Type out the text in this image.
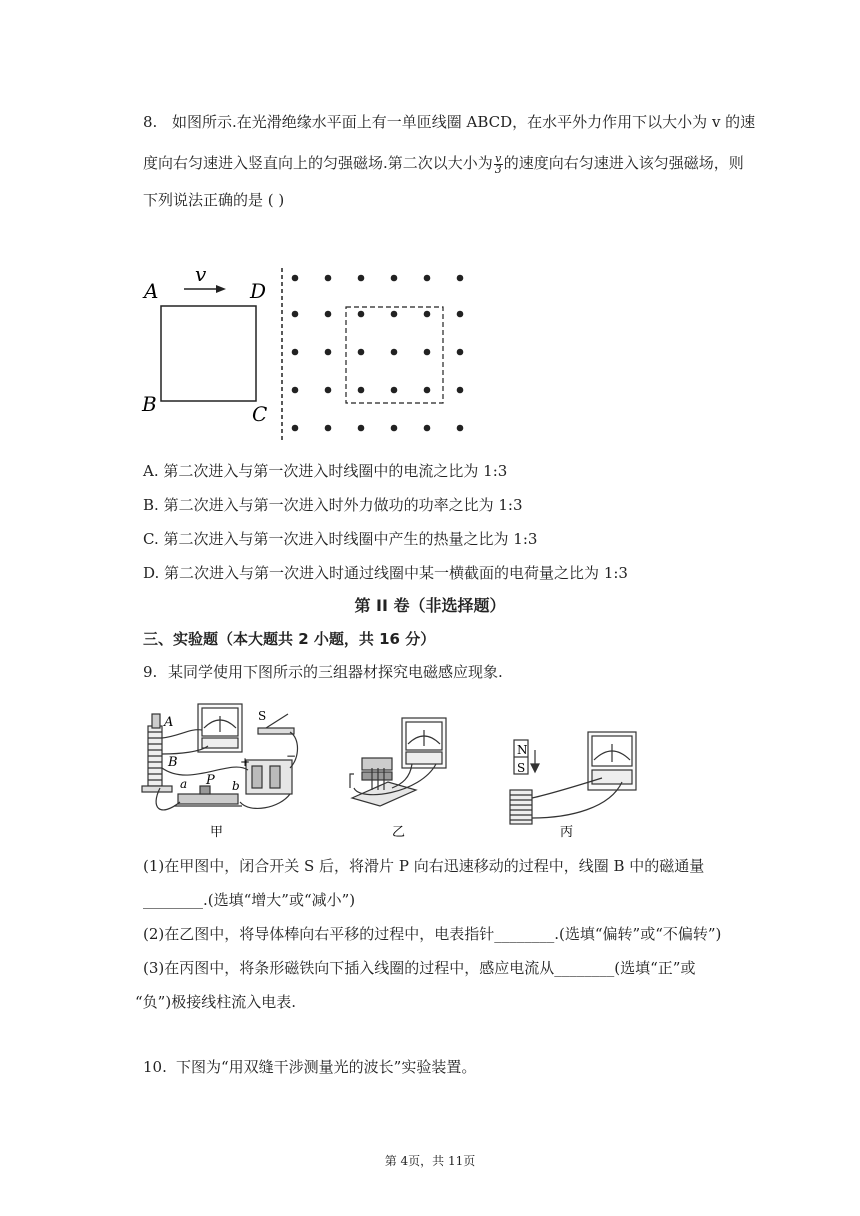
8. 如图所示.在光滑绝缘水平面上有一单匝线圈 ABCD，在水平外力作用下以大小为 v 的速
度向右匀速进入竖直向上的匀强磁场.第二次以大小为 $\frac{v}{3}$ 的速度向右匀速进入该匀强磁场，则
下列说法正确的是 ( )
v
A	D
B	C
A. 第二次进入与第一次进入时线圈中的电流之比为 1:3
B. 第二次进入与第一次进入时外力做功的功率之比为 1:3
C. 第二次进入与第一次进入时线圈中产生的热量之比为 1:3
D. 第二次进入与第一次进入时通过线圈中某一横截面的电荷量之比为 1:3
第 II 卷（非选择题）
三、实验题（本大题共 2 小题，共 16 分）
9. 某同学使用下图所示的三组器材探究电磁感应现象.
A
B
S
P
a	b
+	−
甲	乙
N
S
丙
(1)在甲图中，闭合开关 S 后，将滑片 P 向右迅速移动的过程中，线圈 B 中的磁通量
________.(选填“增大”或“减小”)
(2)在乙图中，将导体棒向右平移的过程中，电表指针________.(选填“偏转”或“不偏转”)
(3)在丙图中，将条形磁铁向下插入线圈的过程中，感应电流从________(选填“正”或
“负”)极接线柱流入电表.
10. 下图为“用双缝干涉测量光的波长”实验装置。
第 4页，共 11页
